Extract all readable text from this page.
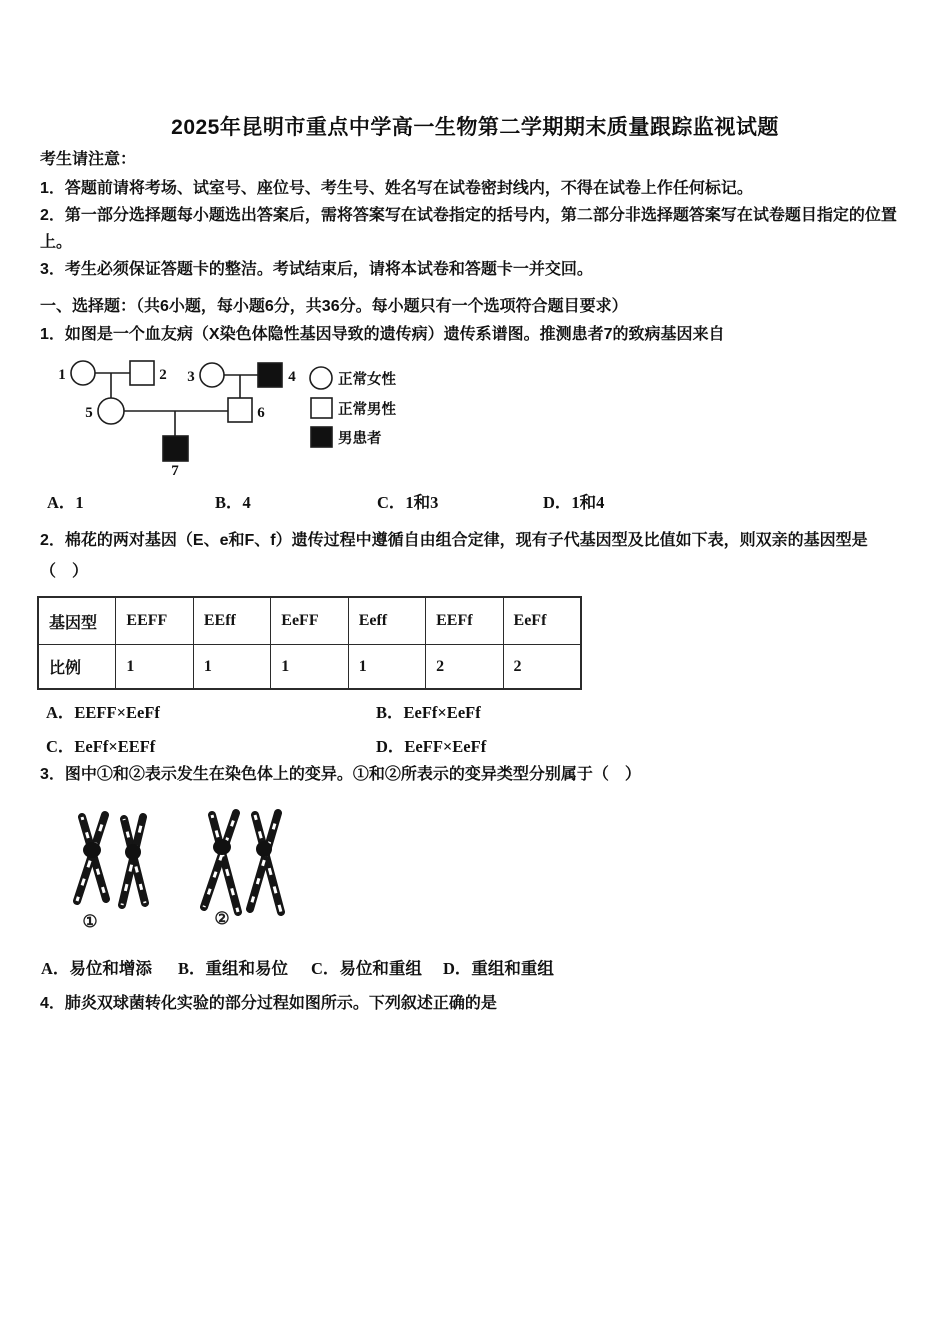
2025年昆明市重点中学高一生物第二学期期末质量跟踪监视试题
考生请注意：
1．答题前请将考场、试室号、座位号、考生号、姓名写在试卷密封线内，不得在试卷上作任何标记。
2．第一部分选择题每小题选出答案后，需将答案写在试卷指定的括号内，第二部分非选择题答案写在试卷题目指定的位置上。
3．考生必须保证答题卡的整洁。考试结束后，请将本试卷和答题卡一并交回。
一、选择题：（共6小题，每小题6分，共36分。每小题只有一个选项符合题目要求）
1．如图是一个血友病（X染色体隐性基因导致的遗传病）遗传系谱图。推测患者7的致病基因来自
1	2 3	4
5	6
7
正常女性
正常男性
男患者
A．1	B．4	C．1和3	D．1和4
2．棉花的两对基因（E、e和F、f）遗传过程中遵循自由组合定律，现有子代基因型及比值如下表，则双亲的基因型是
（　）
基因型	EEFF	EEff	EeFF	Eeff	EEFf	EeFf
比例	1	1	1	1	2	2
A．EEFF×EeFf	B．EeFf×EeFf
C．EeFf×EEFf	D．EeFF×EeFf
3．图中①和②表示发生在染色体上的变异。①和②所表示的变异类型分别属于（　）
①	②
A．易位和增添 B．重组和易位 C．易位和重组 D．重组和重组
4．肺炎双球菌转化实验的部分过程如图所示。下列叙述正确的是
